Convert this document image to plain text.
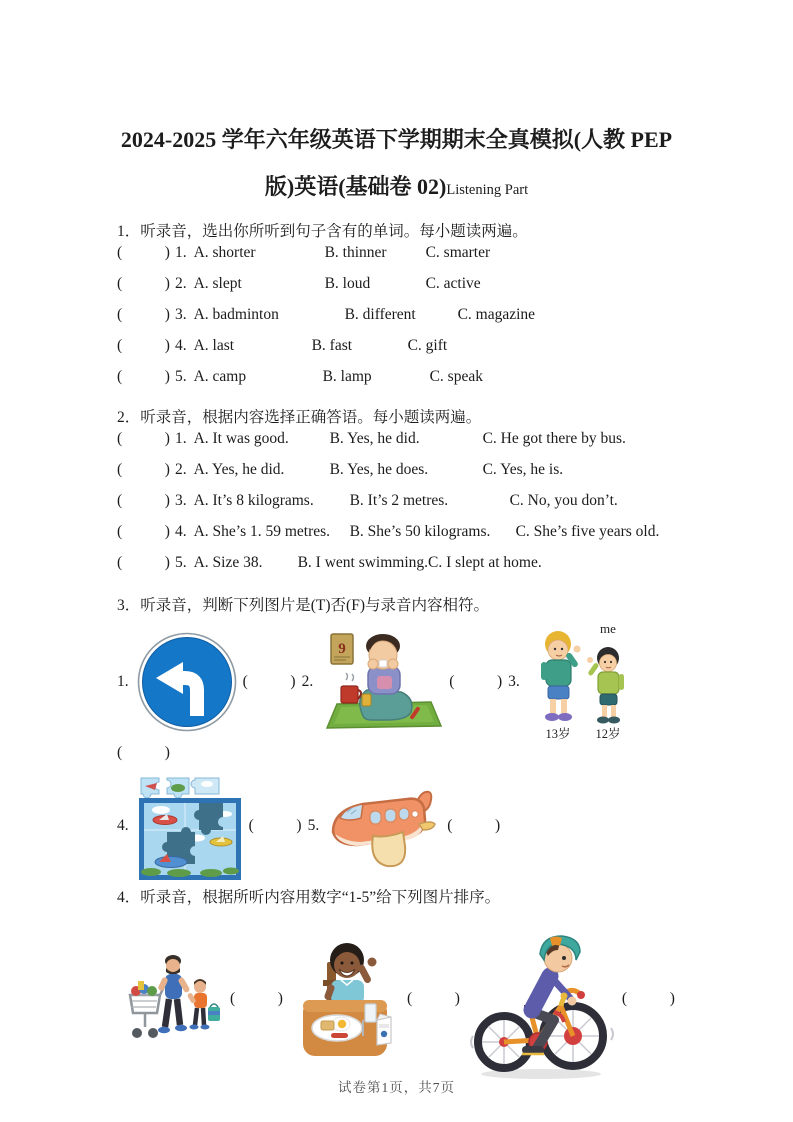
2024-2025 学年六年级英语下学期期末全真模拟(人教 PEP
版)英语(基础卷 02)Listening Part
1．听录音，选出你所听到句子含有的单词。每小题读两遍。
(           ) 1. A. shorter	B. thinner	C. smarter
(           ) 2. A. slept	B. loud	C. active
(           ) 3. A. badminton	B. different	C. magazine
(           ) 4. A. last	B. fast	C. gift
(           ) 5. A. camp	B. lamp	C. speak
2．听录音，根据内容选择正确答语。每小题读两遍。
(           ) 1. A. It was good.	B. Yes, he did.	C. He got there by bus.
(           ) 2. A. Yes, he did.	B. Yes, he does.	C. Yes, he is.
(           ) 3. A. It’s 8 kilograms.	B. It’s 2 metres.	C. No, you don’t.
(           ) 4. A. She’s 1. 59 metres.	B. She’s 50 kilograms.	C. She’s five years old.
(           ) 5. A. Size 38.	B. I went swimming. C. I slept at home.
3．听录音，判断下列图片是(T)否(F)与录音内容相符。
1.	(           ) 2.
9
(           ) 3.
me
13岁 12岁
(           )
4.	(           ) 5.	(           )
4．听录音，根据所听内容用数字“1-5”给下列图片排序。
(           )	(           )	(           )
试卷第1页，共7页
